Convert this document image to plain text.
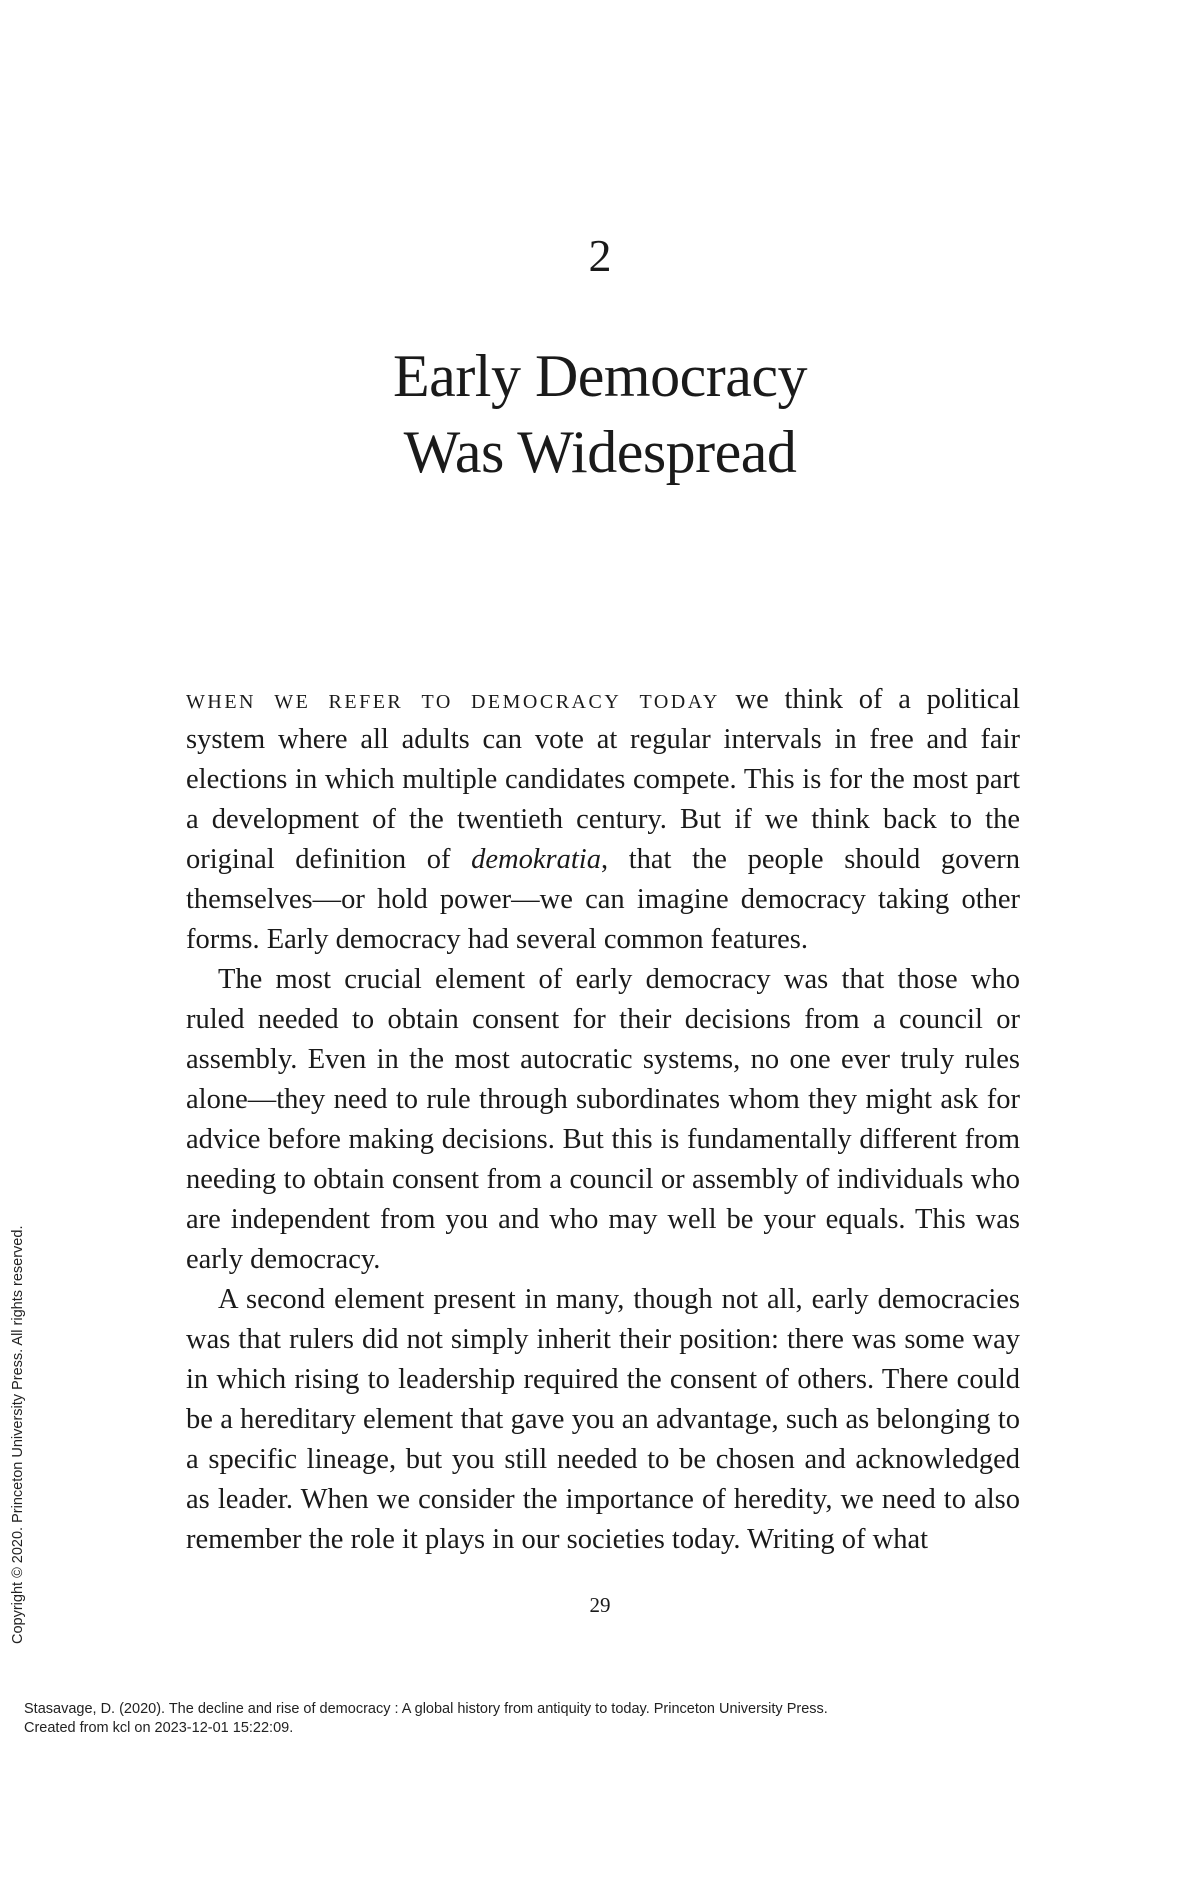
2
Early Democracy
Was Widespread

when we refer to democracy today we think of a political system where all adults can vote at regular intervals in free and fair elections in which multiple candidates compete. This is for the most part a development of the twentieth century. But if we think back to the original definition of demokratia, that the people should govern themselves—or hold power—we can imagine democracy taking other forms. Early democracy had several common features.

The most crucial element of early democracy was that those who ruled needed to obtain consent for their decisions from a council or assembly. Even in the most autocratic systems, no one ever truly rules alone—they need to rule through subordinates whom they might ask for advice before making decisions. But this is fundamentally different from needing to obtain consent from a council or assembly of individuals who are independent from you and who may well be your equals. This was early democracy.

A second element present in many, though not all, early democracies was that rulers did not simply inherit their position: there was some way in which rising to leadership required the consent of others. There could be a hereditary element that gave you an advantage, such as belonging to a specific lineage, but you still needed to be chosen and acknowledged as leader. When we consider the importance of heredity, we need to also remember the role it plays in our societies today. Writing of what

29
Copyright © 2020. Princeton University Press. All rights reserved.
Stasavage, D. (2020). The decline and rise of democracy : A global history from antiquity to today. Princeton University Press.
Created from kcl on 2023-12-01 15:22:09.
